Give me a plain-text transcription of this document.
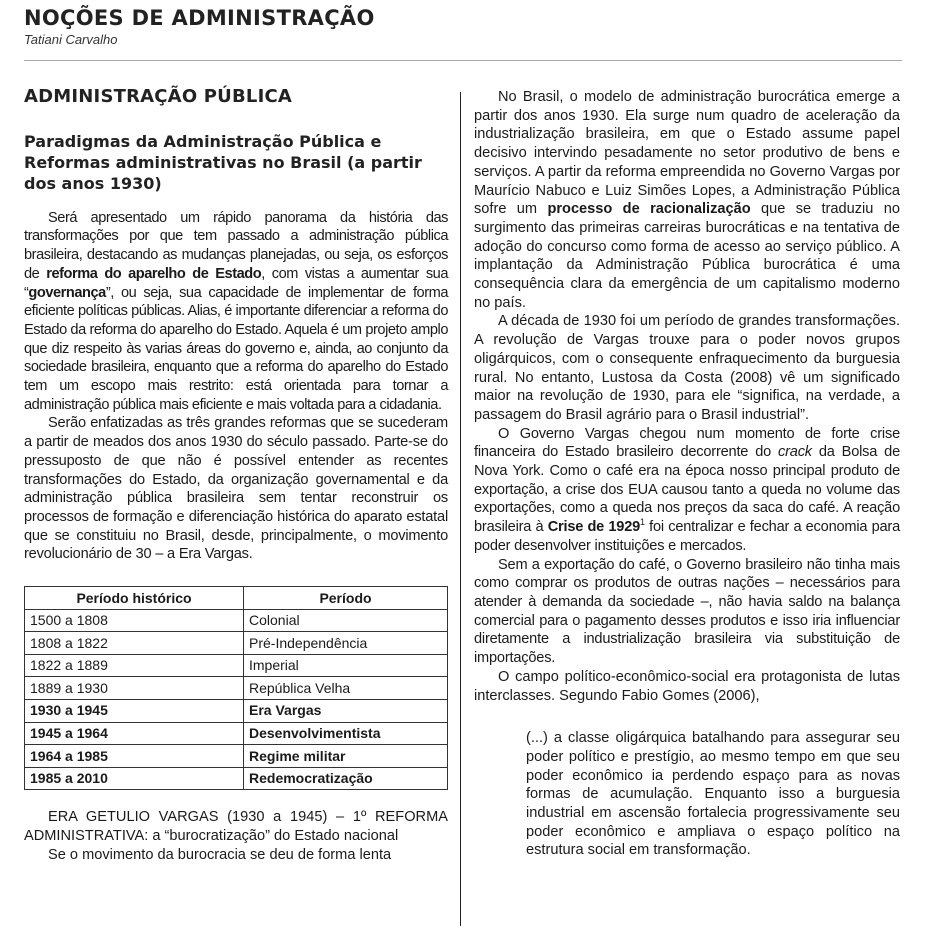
NOÇÕES DE ADMINISTRAÇÃO
Tatiani Carvalho
ADMINISTRAÇÃO PÚBLICA
Paradigmas da Administração Pública e Reformas administrativas no Brasil (a partir dos anos 1930)

Será apresentado um rápido panorama da história das transformações por que tem passado a administração pública brasileira, destacando as mudanças planejadas, ou seja, os esforços de reforma do aparelho de Estado, com vistas a aumentar sua “governança”, ou seja, sua capacidade de implementar de forma eficiente políticas públicas. Alias, é importante diferenciar a reforma do Estado da reforma do aparelho do Estado. Aquela é um projeto amplo que diz respeito às varias áreas do governo e, ainda, ao conjunto da sociedade brasileira, enquanto que a reforma do aparelho do Estado tem um escopo mais restrito: está orientada para tornar a administração pública mais eficiente e mais voltada para a cidadania.

Serão enfatizadas as três grandes reformas que se sucederam a partir de meados dos anos 1930 do século passado. Parte-se do pressuposto de que não é possível entender as recentes transformações do Estado, da organização governamental e da administração pública brasileira sem tentar reconstruir os processos de formação e diferenciação histórica do aparato estatal que se constituiu no Brasil, desde, principalmente, o movimento revolucionário de 30 – a Era Vargas.

Período histórico	Período
1500 a 1808	Colonial
1808 a 1822	Pré-Independência
1822 a 1889	Imperial
1889 a 1930	República Velha
1930 a 1945	Era Vargas
1945 a 1964	Desenvolvimentista
1964 a 1985	Regime militar
1985 a 2010	Redemocratização

ERA GETULIO VARGAS (1930 a 1945) – 1º REFORMA ADMINISTRATIVA: a “burocratização” do Estado nacional

Se o movimento da burocracia se deu de forma lenta

No Brasil, o modelo de administração burocrática emerge a partir dos anos 1930. Ela surge num quadro de aceleração da industrialização brasileira, em que o Estado assume papel decisivo intervindo pesadamente no setor produtivo de bens e serviços. A partir da reforma empreendida no Governo Vargas por Maurício Nabuco e Luiz Simões Lopes, a Administração Pública sofre um processo de racionalização que se traduziu no surgimento das primeiras carreiras burocráticas e na tentativa de adoção do concurso como forma de acesso ao serviço público. A implantação da Administração Pública burocrática é uma consequência clara da emergência de um capitalismo moderno no país.

A década de 1930 foi um período de grandes transformações. A revolução de Vargas trouxe para o poder novos grupos oligárquicos, com o consequente enfraquecimento da burguesia rural. No entanto, Lustosa da Costa (2008) vê um significado maior na revolução de 1930, para ele “significa, na verdade, a passagem do Brasil agrário para o Brasil industrial”.

O Governo Vargas chegou num momento de forte crise financeira do Estado brasileiro decorrente do crack da Bolsa de Nova York. Como o café era na época nosso principal produto de exportação, a crise dos EUA causou tanto a queda no volume das exportações, como a queda nos preços da saca do café. A reação brasileira à Crise de 1929$^1$ foi centralizar e fechar a economia para poder desenvolver instituições e mercados.

Sem a exportação do café, o Governo brasileiro não tinha mais como comprar os produtos de outras nações – necessários para atender à demanda da sociedade –, não havia saldo na balança comercial para o pagamento desses produtos e isso iria influenciar diretamente a industrialização brasileira via substituição de importações.

O campo político-econômico-social era protagonista de lutas interclasses. Segundo Fabio Gomes (2006),

(...) a classe oligárquica batalhando para assegurar seu poder político e prestígio, ao mesmo tempo em que seu poder econômico ia perdendo espaço para as novas formas de acumulação. Enquanto isso a burguesia industrial em ascensão fortalecia progressivamente seu poder econômico e ampliava o espaço político na estrutura social em transformação.
